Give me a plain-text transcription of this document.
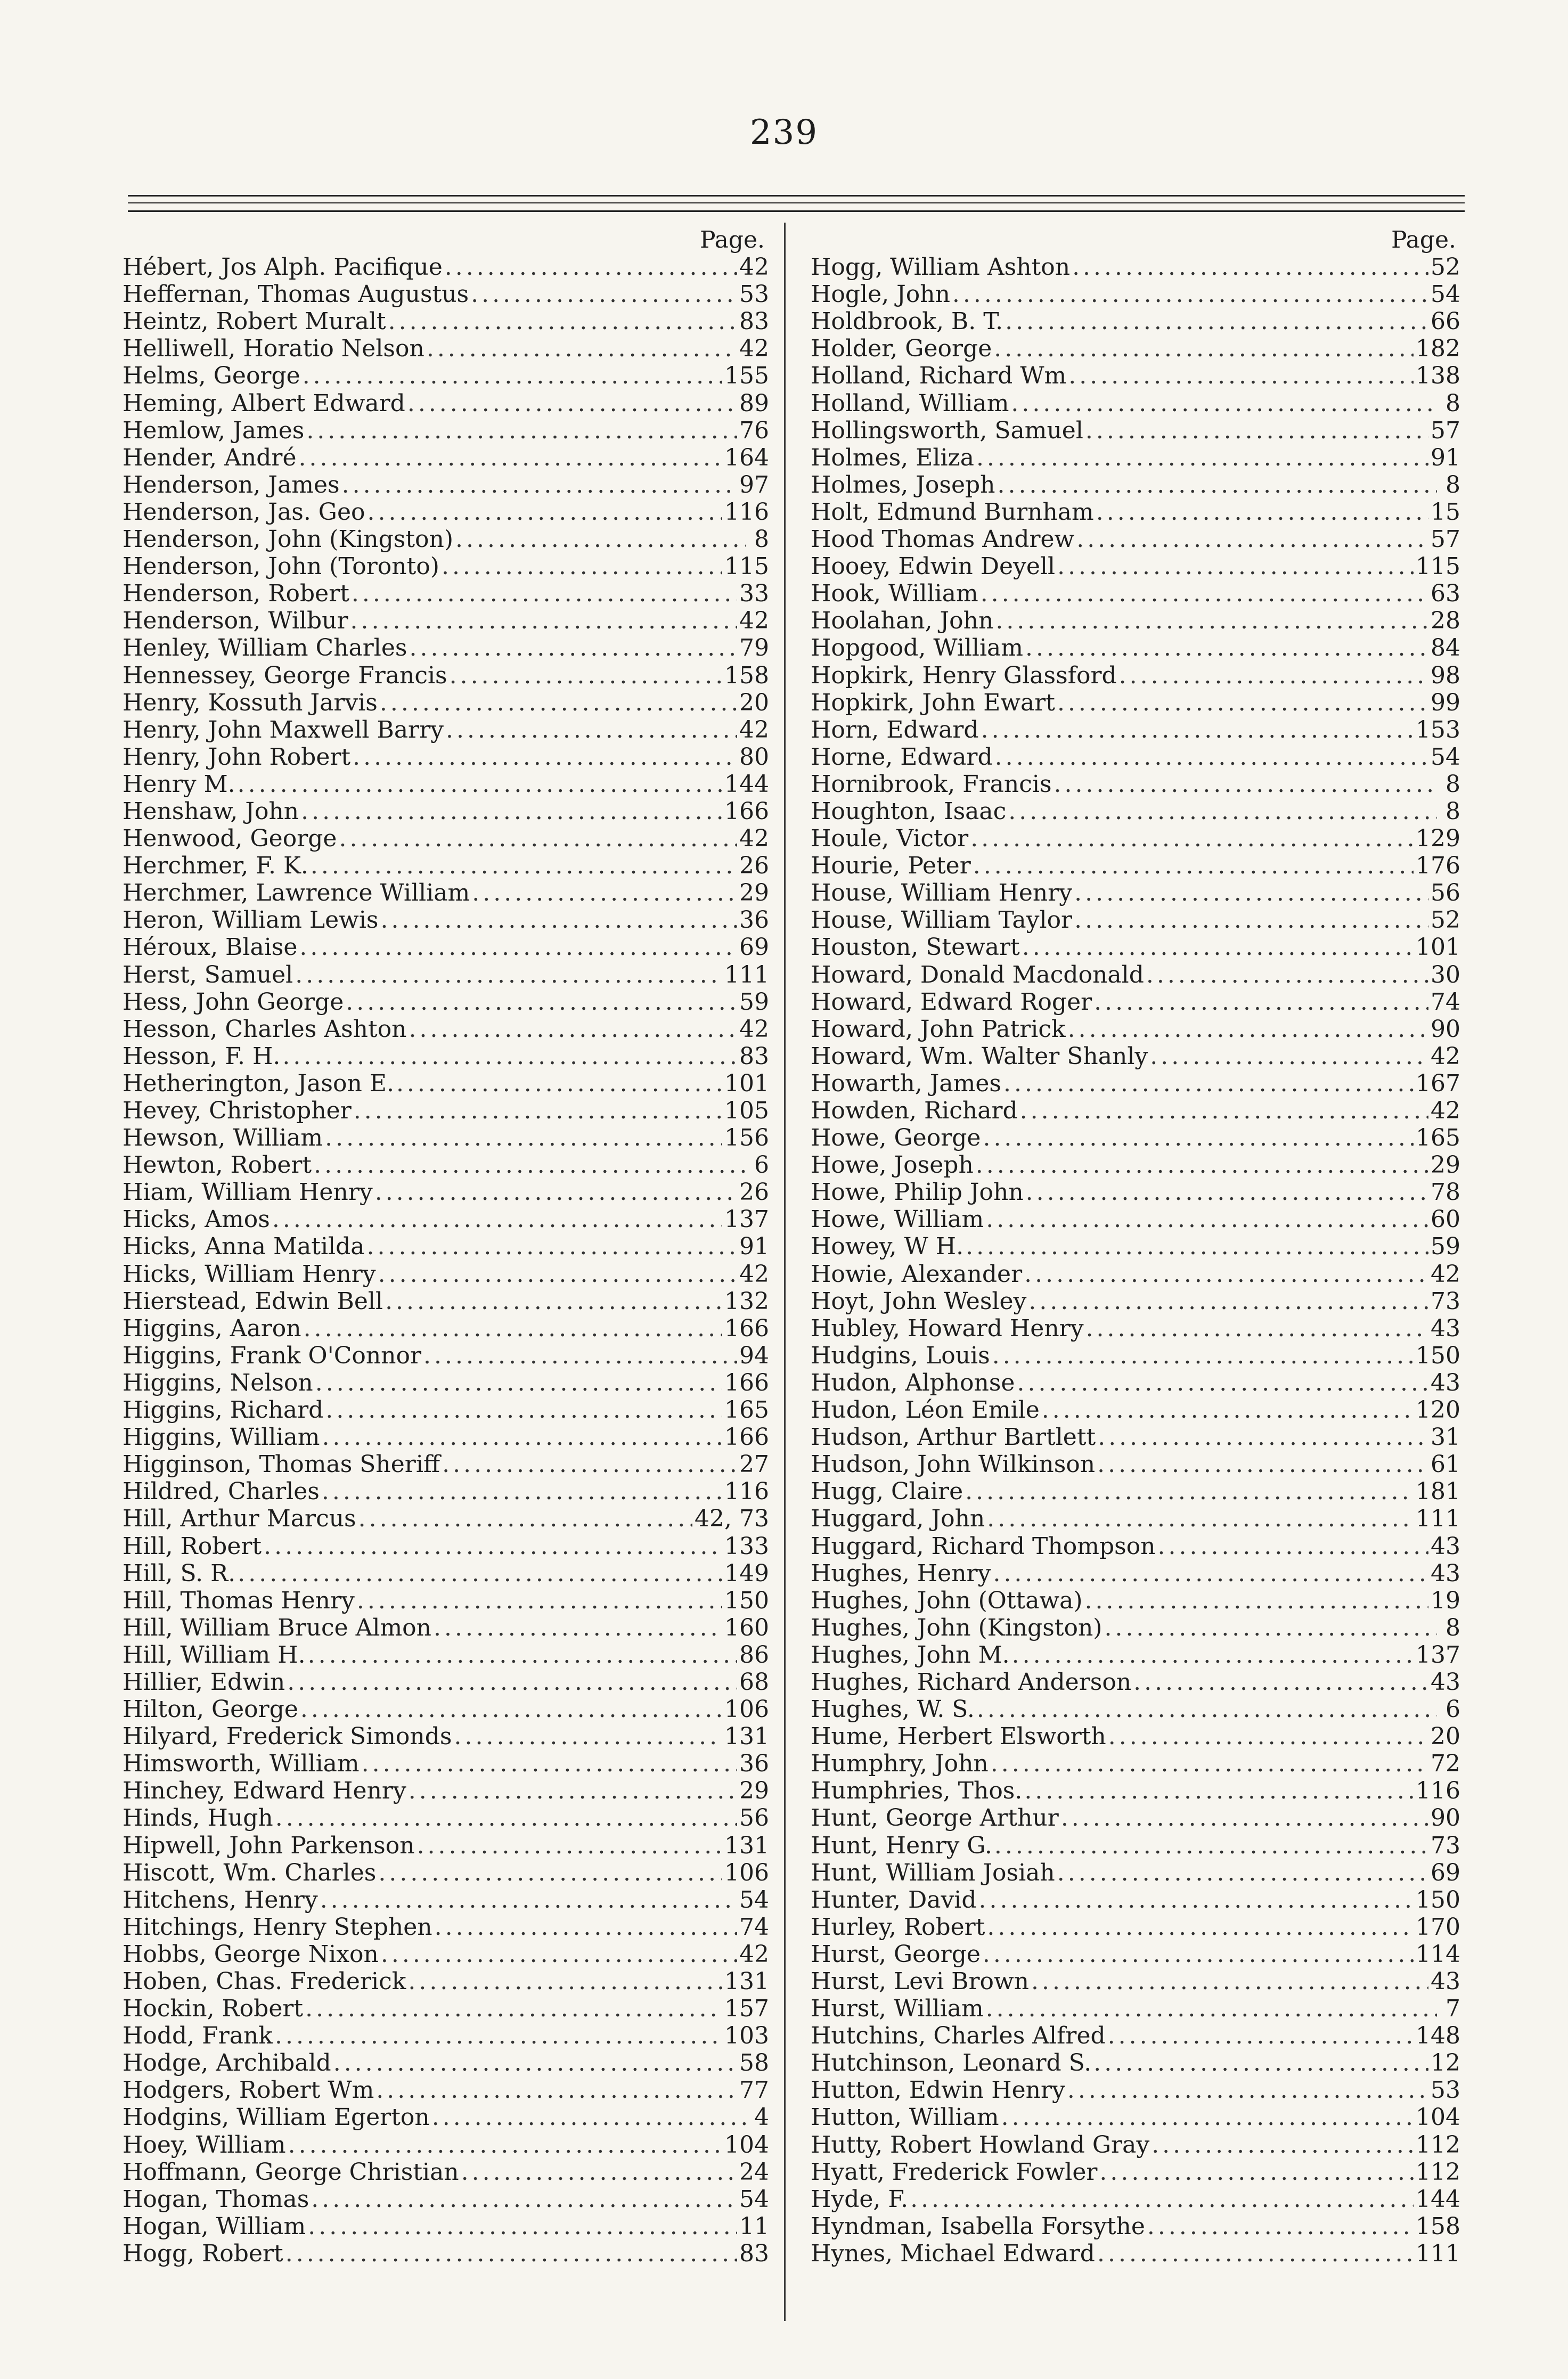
239
Page.
Hébert, Jos Alph. Pacifique .....	42
Heffernan, Thomas Augustus .....	53
Heintz, Robert Muralt .....	83
Helliwell, Horatio Nelson .....	42
Helms, George .....	155
Heming, Albert Edward .....	89
Hemlow, James .....	76
Hender, André .....	164
Henderson, James .....	97
Henderson, Jas. Geo .....	116
Henderson, John (Kingston) .....	8
Henderson, John (Toronto) .....	115
Henderson, Robert .....	33
Henderson, Wilbur .....	42
Henley, William Charles .....	79
Hennessey, George Francis .....	158
Henry, Kossuth Jarvis .....	20
Henry, John Maxwell Barry .....	42
Henry, John Robert .....	80
Henry M. .....	144
Henshaw, John .....	166
Henwood, George .....	42
Herchmer, F. K. .....	26
Herchmer, Lawrence William .....	29
Heron, William Lewis .....	36
Héroux, Blaise .....	69
Herst, Samuel .....	111
Hess, John George .....	59
Hesson, Charles Ashton .....	42
Hesson, F. H. .....	83
Hetherington, Jason E. .....	101
Hevey, Christopher .....	105
Hewson, William .....	156
Hewton, Robert .....	6
Hiam, William Henry .....	26
Hicks, Amos .....	137
Hicks, Anna Matilda .....	91
Hicks, William Henry .....	42
Hierstead, Edwin Bell .....	132
Higgins, Aaron .....	166
Higgins, Frank O'Connor .....	94
Higgins, Nelson .....	166
Higgins, Richard .....	165
Higgins, William .....	166
Higginson, Thomas Sheriff .....	27
Hildred, Charles .....	116
Hill, Arthur Marcus .....	42, 73
Hill, Robert .....	133
Hill, S. R. .....	149
Hill, Thomas Henry .....	150
Hill, William Bruce Almon .....	160
Hill, William H. .....	86
Hillier, Edwin .....	68
Hilton, George .....	106
Hilyard, Frederick Simonds .....	131
Himsworth, William .....	36
Hinchey, Edward Henry .....	29
Hinds, Hugh .....	56
Hipwell, John Parkenson .....	131
Hiscott, Wm. Charles .....	106
Hitchens, Henry .....	54
Hitchings, Henry Stephen .....	74
Hobbs, George Nixon .....	42
Hoben, Chas. Frederick .....	131
Hockin, Robert .....	157
Hodd, Frank .....	103
Hodge, Archibald .....	58
Hodgers, Robert Wm .....	77
Hodgins, William Egerton .....	4
Hoey, William .....	104
Hoffmann, George Christian .....	24
Hogan, Thomas .....	54
Hogan, William .....	11
Hogg, Robert .....	83
Page.
Hogg, William Ashton .....	52
Hogle, John .....	54
Holdbrook, B. T. .....	66
Holder, George .....	182
Holland, Richard Wm .....	138
Holland, William .....	8
Hollingsworth, Samuel .....	57
Holmes, Eliza .....	91
Holmes, Joseph .....	8
Holt, Edmund Burnham .....	15
Hood Thomas Andrew .....	57
Hooey, Edwin Deyell .....	115
Hook, William .....	63
Hoolahan, John .....	28
Hopgood, William .....	84
Hopkirk, Henry Glassford .....	98
Hopkirk, John Ewart .....	99
Horn, Edward .....	153
Horne, Edward .....	54
Hornibrook, Francis .....	8
Houghton, Isaac .....	8
Houle, Victor .....	129
Hourie, Peter .....	176
House, William Henry .....	56
House, William Taylor .....	52
Houston, Stewart .....	101
Howard, Donald Macdonald .....	30
Howard, Edward Roger .....	74
Howard, John Patrick .....	90
Howard, Wm. Walter Shanly .....	42
Howarth, James .....	167
Howden, Richard .....	42
Howe, George .....	165
Howe, Joseph .....	29
Howe, Philip John .....	78
Howe, William .....	60
Howey, W H. .....	59
Howie, Alexander .....	42
Hoyt, John Wesley .....	73
Hubley, Howard Henry .....	43
Hudgins, Louis .....	150
Hudon, Alphonse .....	43
Hudon, Léon Emile .....	120
Hudson, Arthur Bartlett .....	31
Hudson, John Wilkinson .....	61
Hugg, Claire .....	181
Huggard, John .....	111
Huggard, Richard Thompson .....	43
Hughes, Henry .....	43
Hughes, John (Ottawa) .....	19
Hughes, John (Kingston) .....	8
Hughes, John M. .....	137
Hughes, Richard Anderson .....	43
Hughes, W. S. .....	6
Hume, Herbert Elsworth .....	20
Humphry, John .....	72
Humphries, Thos. .....	116
Hunt, George Arthur .....	90
Hunt, Henry G. .....	73
Hunt, William Josiah .....	69
Hunter, David .....	150
Hurley, Robert .....	170
Hurst, George .....	114
Hurst, Levi Brown .....	43
Hurst, William .....	7
Hutchins, Charles Alfred .....	148
Hutchinson, Leonard S. .....	12
Hutton, Edwin Henry .....	53
Hutton, William .....	104
Hutty, Robert Howland Gray .....	112
Hyatt, Frederick Fowler .....	112
Hyde, F. .....	144
Hyndman, Isabella Forsythe .....	158
Hynes, Michael Edward .....	111
